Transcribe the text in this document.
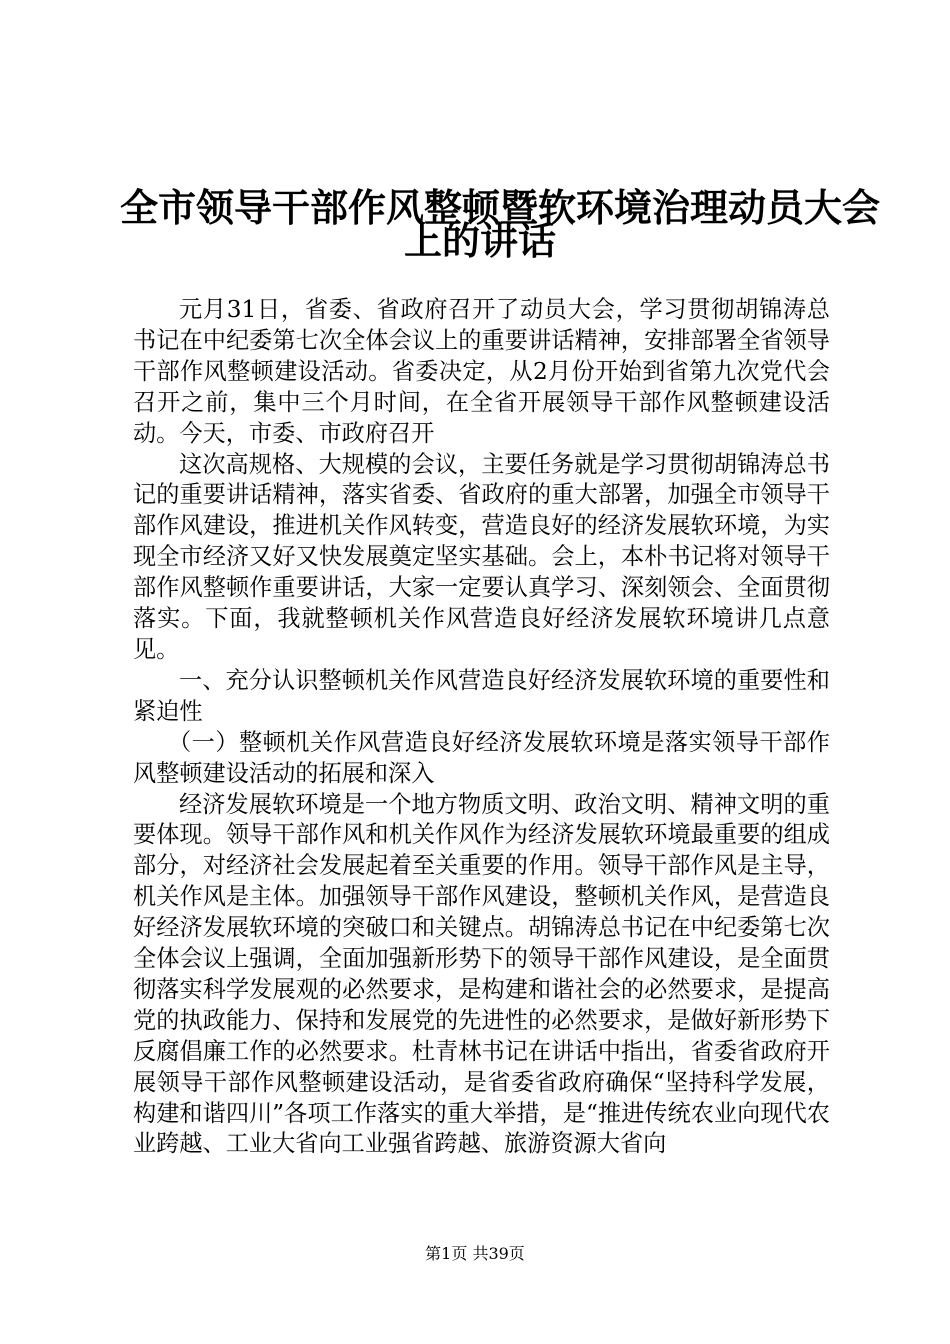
全市领导干部作风整顿暨软环境治理动员大会
上的讲话

元月31日，省委、省政府召开了动员大会，学习贯彻胡锦涛总书记在中纪委第七次全体会议上的重要讲话精神，安排部署全省领导干部作风整顿建设活动。省委决定，从2月份开始到省第九次党代会召开之前，集中三个月时间，在全省开展领导干部作风整顿建设活动。今天，市委、市政府召开

这次高规格、大规模的会议，主要任务就是学习贯彻胡锦涛总书记的重要讲话精神，落实省委、省政府的重大部署，加强全市领导干部作风建设，推进机关作风转变，营造良好的经济发展软环境，为实现全市经济又好又快发展奠定坚实基础。会上，本朴书记将对领导干部作风整顿作重要讲话，大家一定要认真学习、深刻领会、全面贯彻落实。下面，我就整顿机关作风营造良好经济发展软环境讲几点意见。

一、充分认识整顿机关作风营造良好经济发展软环境的重要性和紧迫性

（一）整顿机关作风营造良好经济发展软环境是落实领导干部作风整顿建设活动的拓展和深入

经济发展软环境是一个地方物质文明、政治文明、精神文明的重要体现。领导干部作风和机关作风作为经济发展软环境最重要的组成部分，对经济社会发展起着至关重要的作用。领导干部作风是主导，机关作风是主体。加强领导干部作风建设，整顿机关作风，是营造良好经济发展软环境的突破口和关键点。胡锦涛总书记在中纪委第七次全体会议上强调，全面加强新形势下的领导干部作风建设，是全面贯彻落实科学发展观的必然要求，是构建和谐社会的必然要求，是提高党的执政能力、保持和发展党的先进性的必然要求，是做好新形势下反腐倡廉工作的必然要求。杜青林书记在讲话中指出，省委省政府开展领导干部作风整顿建设活动，是省委省政府确保“坚持科学发展，构建和谐四川”各项工作落实的重大举措，是“推进传统农业向现代农业跨越、工业大省向工业强省跨越、旅游资源大省向

第1页 共39页
